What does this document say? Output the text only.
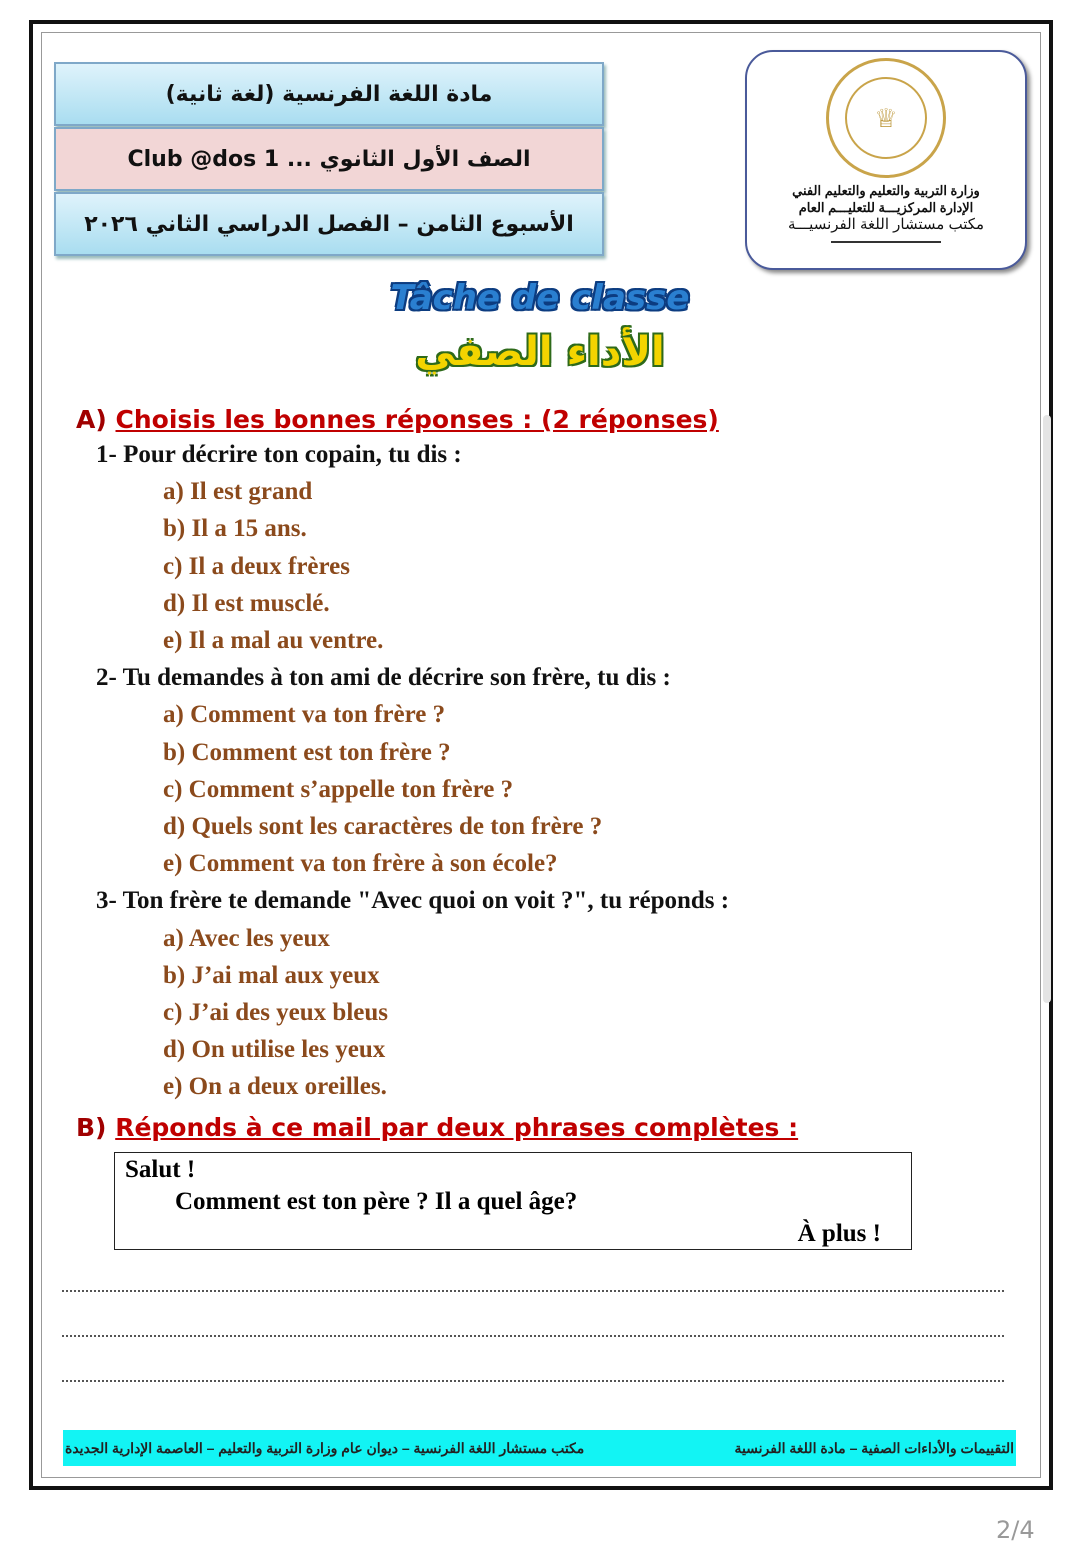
مادة اللغة الفرنسية (لغة ثانية)
الصف الأول الثانوي ... Club @dos 1
الأسبوع الثامن – الفصل الدراسي الثاني ٢٠٢٦
♕
وزارة التربية والتعليم والتعليم الفني
الإدارة المركزيـــة للتعليـــم العام
مكتب مستشار اللغة الفرنسيـــة
Tâche de classe
الأداء الصفي
A) Choisis les bonnes réponses : (2 réponses)
1- Pour décrire ton copain, tu dis :
a) Il est grand
b) Il a 15 ans.
c) Il a deux frères
d) Il est musclé.
e) Il a mal au ventre.
2- Tu demandes à ton ami de décrire son frère, tu dis :
a) Comment va ton frère ?
b) Comment est ton frère ?
c) Comment s’appelle ton frère ?
d) Quels sont les caractères de ton frère ?
e) Comment va ton frère à son école?
3- Ton frère te demande "Avec quoi on voit ?", tu réponds :
a) Avec les yeux
b) J’ai mal aux yeux
c) J’ai des yeux bleus
d) On utilise les yeux
e) On a deux oreilles.
B) Réponds à ce mail par deux phrases complètes :
Salut !
Comment est ton père ? Il a quel âge?
À plus !
التقييمات والأداءات الصفية – مادة اللغة الفرنسية
مكتب مستشار اللغة الفرنسية – ديوان عام وزارة التربية والتعليم – العاصمة الإدارية الجديدة
2/4
